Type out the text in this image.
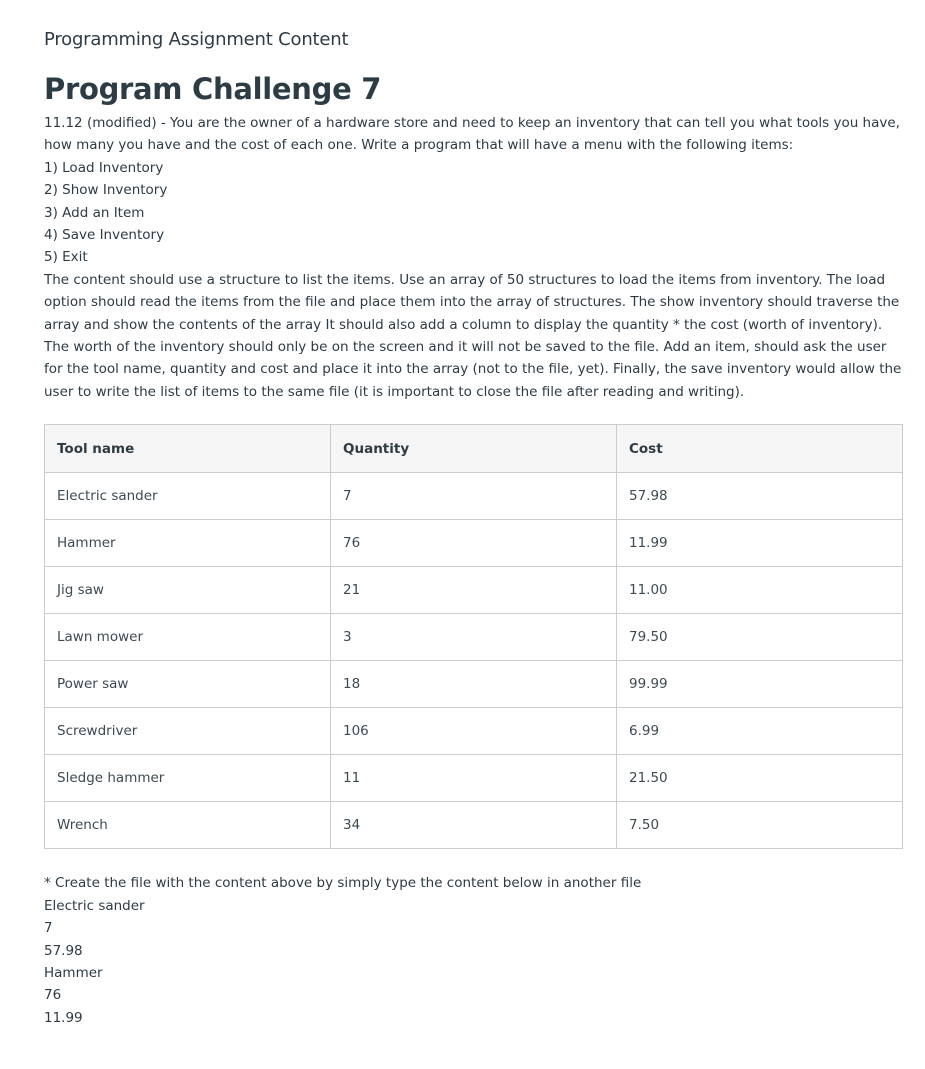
Programming Assignment Content
Program Challenge 7
11.12 (modified) - You are the owner of a hardware store and need to keep an inventory that can tell you what tools you have, how many you have and the cost of each one. Write a program that will have a menu with the following items:
1) Load Inventory
2) Show Inventory
3) Add an Item
4) Save Inventory
5) Exit
The content should use a structure to list the items. Use an array of 50 structures to load the items from inventory. The load option should read the items from the file and place them into the array of structures. The show inventory should traverse the array and show the contents of the array It should also add a column to display the quantity * the cost (worth of inventory). The worth of the inventory should only be on the screen and it will not be saved to the file. Add an item, should ask the user for the tool name, quantity and cost and place it into the array (not to the file, yet). Finally, the save inventory would allow the user to write the list of items to the same file (it is important to close the file after reading and writing).
Tool name	Quantity	Cost
Electric sander	7	57.98
Hammer	76	11.99
Jig saw	21	11.00
Lawn mower	3	79.50
Power saw	18	99.99
Screwdriver	106	6.99
Sledge hammer	11	21.50
Wrench	34	7.50
* Create the file with the content above by simply type the content below in another file
Electric sander
7
57.98
Hammer
76
11.99
